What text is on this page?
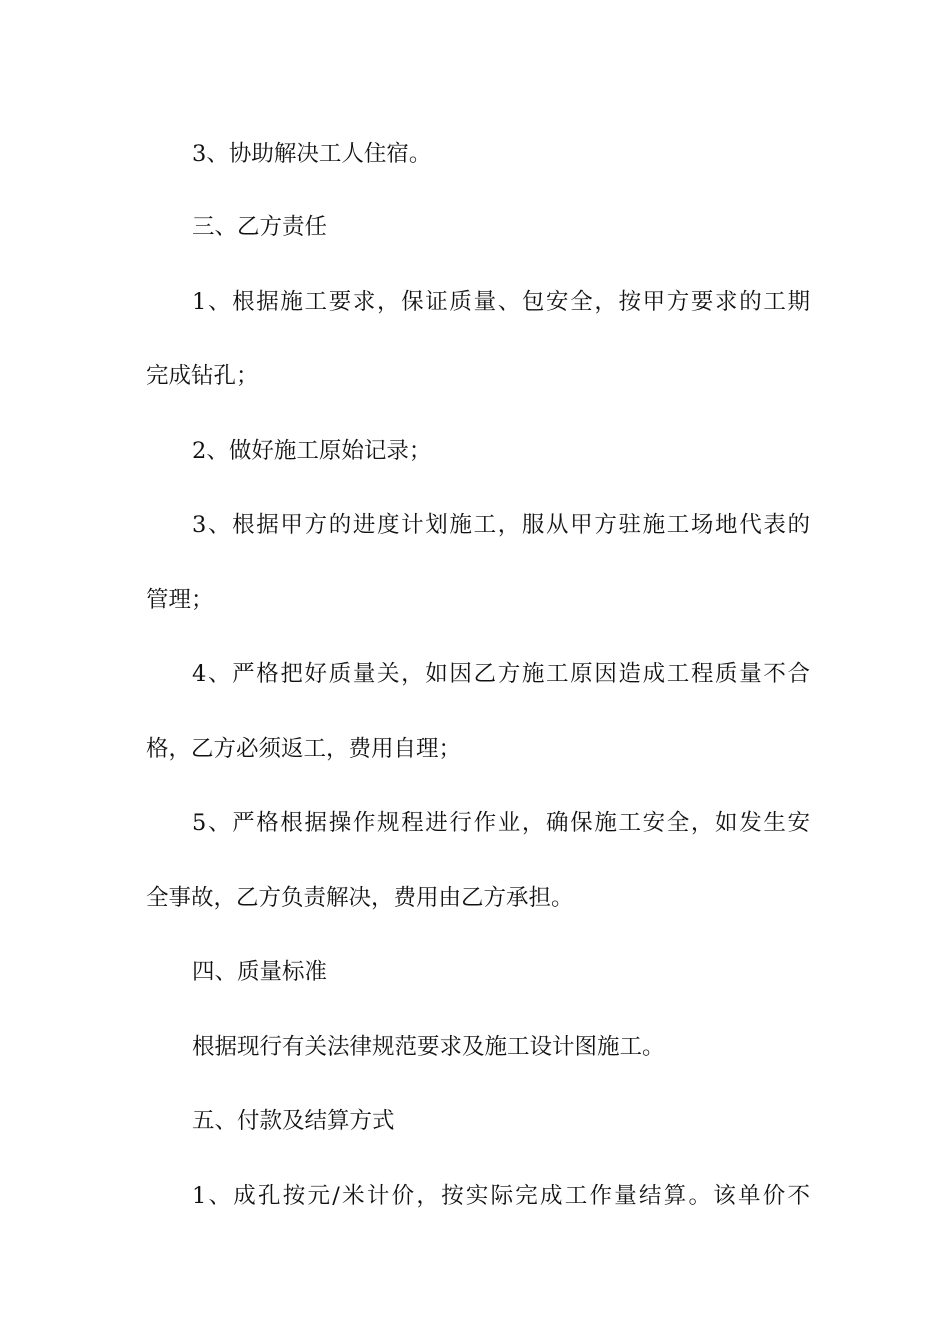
3、协助解决工人住宿。
三、乙方责任
1、根据施工要求，保证质量、包安全，按甲方要求的工期
完成钻孔；
2、做好施工原始记录；
3、根据甲方的进度计划施工，服从甲方驻施工场地代表的
管理；
4、严格把好质量关，如因乙方施工原因造成工程质量不合
格，乙方必须返工，费用自理；
5、严格根据操作规程进行作业，确保施工安全，如发生安
全事故，乙方负责解决，费用由乙方承担。
四、质量标准
根据现行有关法律规范要求及施工设计图施工。
五、付款及结算方式
1、成孔按元/米计价，按实际完成工作量结算。该单价不
